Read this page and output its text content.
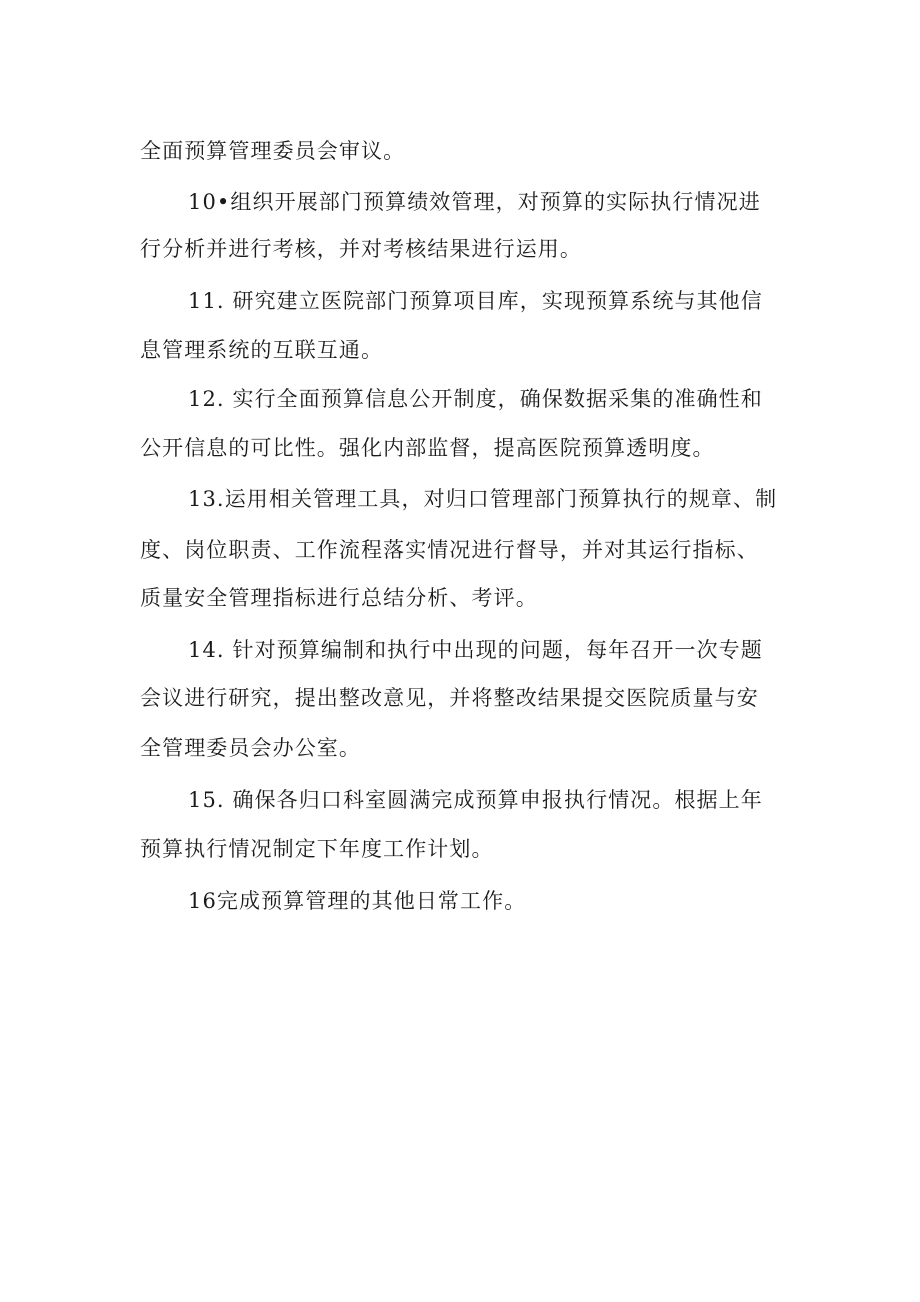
全面预算管理委员会审议。
10•组织开展部门预算绩效管理，对预算的实际执行情况进
行分析并进行考核，并对考核结果进行运用。
11. 研究建立医院部门预算项目库，实现预算系统与其他信
息管理系统的互联互通。
12. 实行全面预算信息公开制度，确保数据采集的准确性和
公开信息的可比性。强化内部监督，提高医院预算透明度。
13.运用相关管理工具，对归口管理部门预算执行的规章、制
度、岗位职责、工作流程落实情况进行督导，并对其运行指标、
质量安全管理指标进行总结分析、考评。
14. 针对预算编制和执行中出现的问题，每年召开一次专题
会议进行研究，提出整改意见，并将整改结果提交医院质量与安
全管理委员会办公室。
15. 确保各归口科室圆满完成预算申报执行情况。根据上年
预算执行情况制定下年度工作计划。
16完成预算管理的其他日常工作。
